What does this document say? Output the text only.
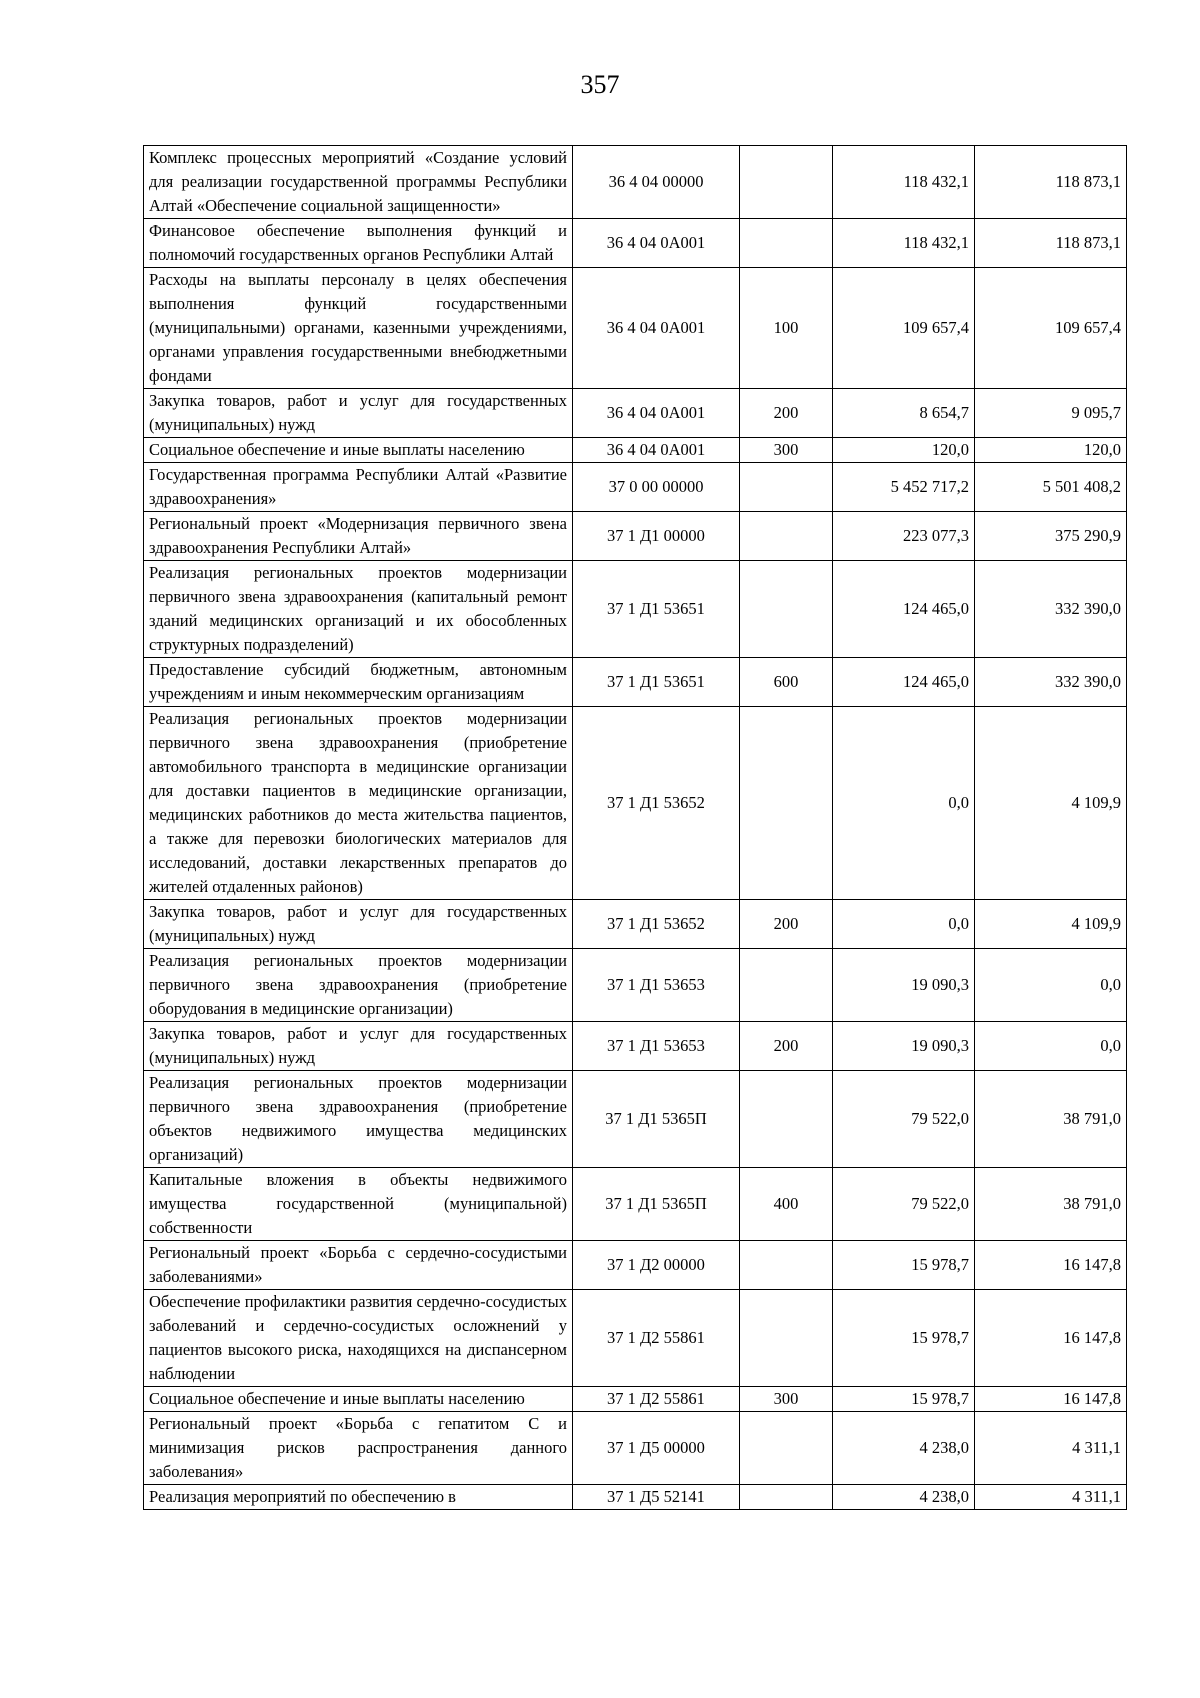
357
Комплекс процессных мероприятий «Создание условий для реализации государственной программы Республики Алтай «Обеспечение социальной защищенности»	36 4 04 00000		118 432,1	118 873,1
Финансовое обеспечение выполнения функций и полномочий государственных органов Республики Алтай	36 4 04 0А001		118 432,1	118 873,1
Расходы на выплаты персоналу в целях обеспечения выполнения функций государственными (муниципальными) органами, казенными учреждениями, органами управления государственными внебюджетными фондами	36 4 04 0А001	100	109 657,4	109 657,4
Закупка товаров, работ и услуг для государственных (муниципальных) нужд	36 4 04 0А001	200	8 654,7	9 095,7
Социальное обеспечение и иные выплаты населению	36 4 04 0А001	300	120,0	120,0
Государственная программа Республики Алтай «Развитие здравоохранения»	37 0 00 00000		5 452 717,2	5 501 408,2
Региональный проект «Модернизация первичного звена здравоохранения Республики Алтай»	37 1 Д1 00000		223 077,3	375 290,9
Реализация региональных проектов модернизации первичного звена здравоохранения (капитальный ремонт зданий медицинских организаций и их обособленных структурных подразделений)	37 1 Д1 53651		124 465,0	332 390,0
Предоставление субсидий бюджетным, автономным учреждениям и иным некоммерческим организациям	37 1 Д1 53651	600	124 465,0	332 390,0
Реализация региональных проектов модернизации первичного звена здравоохранения (приобретение автомобильного транспорта в медицинские организации для доставки пациентов в медицинские организации, медицинских работников до места жительства пациентов, а также для перевозки биологических материалов для исследований, доставки лекарственных препаратов до жителей отдаленных районов)	37 1 Д1 53652		0,0	4 109,9
Закупка товаров, работ и услуг для государственных (муниципальных) нужд	37 1 Д1 53652	200	0,0	4 109,9
Реализация региональных проектов модернизации первичного звена здравоохранения (приобретение оборудования в медицинские организации)	37 1 Д1 53653		19 090,3	0,0
Закупка товаров, работ и услуг для государственных (муниципальных) нужд	37 1 Д1 53653	200	19 090,3	0,0
Реализация региональных проектов модернизации первичного звена здравоохранения (приобретение объектов недвижимого имущества медицинских организаций)	37 1 Д1 5365П		79 522,0	38 791,0
Капитальные вложения в объекты недвижимого имущества государственной (муниципальной) собственности	37 1 Д1 5365П	400	79 522,0	38 791,0
Региональный проект «Борьба с сердечно-сосудистыми заболеваниями»	37 1 Д2 00000		15 978,7	16 147,8
Обеспечение профилактики развития сердечно-сосудистых заболеваний и сердечно-сосудистых осложнений у пациентов высокого риска, находящихся на диспансерном наблюдении	37 1 Д2 55861		15 978,7	16 147,8
Социальное обеспечение и иные выплаты населению	37 1 Д2 55861	300	15 978,7	16 147,8
Региональный проект «Борьба с гепатитом С и минимизация рисков распространения данного заболевания»	37 1 Д5 00000		4 238,0	4 311,1
Реализация мероприятий по обеспечению в	37 1 Д5 52141		4 238,0	4 311,1
